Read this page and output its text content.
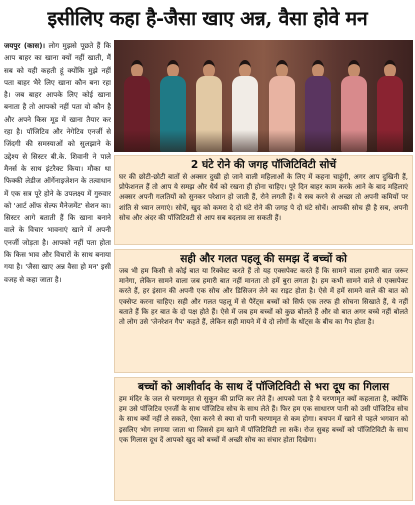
इसीलिए कहा है-जैसा खाए अन्न, वैसा होवे मन
जयपुर (कास)। लोग मुझसे पूछते हैं कि आप बाहर का खाना क्यों नहीं खाती, मैं सब को यही कहती हूं क्योंकि मुझे नहीं पता बाहर भैरे लिए खाना कौन बना रहा है। जब बाहर आपके लिए कोई खाना बनाता है तो आपको नहीं पता वो कौन है और अपने किस मूड में खाना तैयार कर रहा है। पॉजिटिव और नेगेटिव एनर्जी से जिंदगी की समस्याओं को सुलझाने के उद्देश्य से सिस्टर बी.के. शिवानी ने पाले मैनर्स के साथ इंटरैक्ट किया। मौका था फिक्की लेडीज ऑर्गेनाइजेशन के तत्वाधान में एक सत्र पूरे होने के उपलक्ष्य में गुरुवार को 'आर्ट ऑफ सेल्फ मैनेजमेंट' सेशन का। सिस्टर आगे बताती हैं कि खाना बनाने वाले के विचार भावनाएं खाने में अपनी एनर्जी जोड़ता है। आपको नहीं पता होता कि किस भाव और विचारों के साथ बनाया गया है। 'जैसा खाए अन्न वैसा हो मन' इसी वजह से कहा जाता है।
2 घंटे रोने की जगह पॉजिटिविटी सोचें

घर की छोटी-छोटी बातों से अक्सर दुखी हो जाने वाली महिलाओं के लिए में कहना चाहूंगी, अगर आप दुखिनी हैं, प्रोफेशनल हैं तो आप ये समझ और धैर्य को रखना ही होना चाहिए। पूरे दिन बाहर काम करके आने के बाद महिलाएं अक्सर अपनी गलतियों को सुनकर परेशान हो जाती हैं, रोने लगती हैं। ये सब करने से अच्छा तो अपनी कमियों पर शांति से ध्यान लगाएं। सोचें, खुद को कमरा दे दो घंटे रोने की जगह पे दो घंटे सोचें। आपकी सोच ही है सब, अपनी सोच और अंदर की पॉजिटिवटी से आप सब बदलाव ला सकती हैं।

सही और गलत पहलू की समझ दें बच्चों को

जब भी हम किसी से कोई बात या रिक्वेस्ट करते हैं तो यह एक्सपेक्ट करते हैं कि सामने वाला हमारी बात जरूर मानेगा, लेकिन सामने वाला जब हमारी बात नहीं मानता तो हमें बुरा लगता है। हम कभी सामने वाले से एक्सपेक्ट करते हैं, हर इंसान की अपनी एक सोच और डिसिजन लेने का राइट होता है। ऐसे में हमें सामने वाले की बात को एक्सेप्ट करना चाहिए। सही और गलत पहलू में से पैरेंट्स बच्चों को सिर्फ एक तरफ ही सोचना सिखाते हैं, ये नहीं बताते हैं कि हर बात के दो पक्ष होते हैं। ऐसे में जब हम बच्चों को कुछ बोलते हैं और वो बात अगर बच्चे नहीं बोलते तो लोग उसे 'जेनरेशन गैप' कहते हैं, लेकिन सही मायने में ये दो लोगों के थॉट्स के बीच का गैप होता है।

बच्चों को आशीर्वाद के साथ दें पॉजिटिविटी से भरा दूध का गिलास

हम मंदिर के जल से चरणामृत से सुकून की प्राप्ति कर लेते हैं। आपको पता है ये चरणामृत क्यों कहलाता है, क्योंकि हम उसे पॉजिटिव एनर्जी के साथ पॉजिटिव सोच के साथ लेते हैं। फिर हम एक साधारण पानी को उसी पॉजिटिव सोच के साथ क्यों नहीं ले सकते, ऐसा करने से क्या वो पानी चरणामृत से कम होगा। बचपन में खाने से पहले भगवान को इसलिए भोग लगाया जाता था जिससे हम खाने में पॉजिटिविटी ला सकें। रोज सुबह बच्चों को पॉजिटिविटी के साथ एक गिलास दूध दें आपको खुद को बच्चों में अच्छी सोच का संचार होता दिखेगा।
